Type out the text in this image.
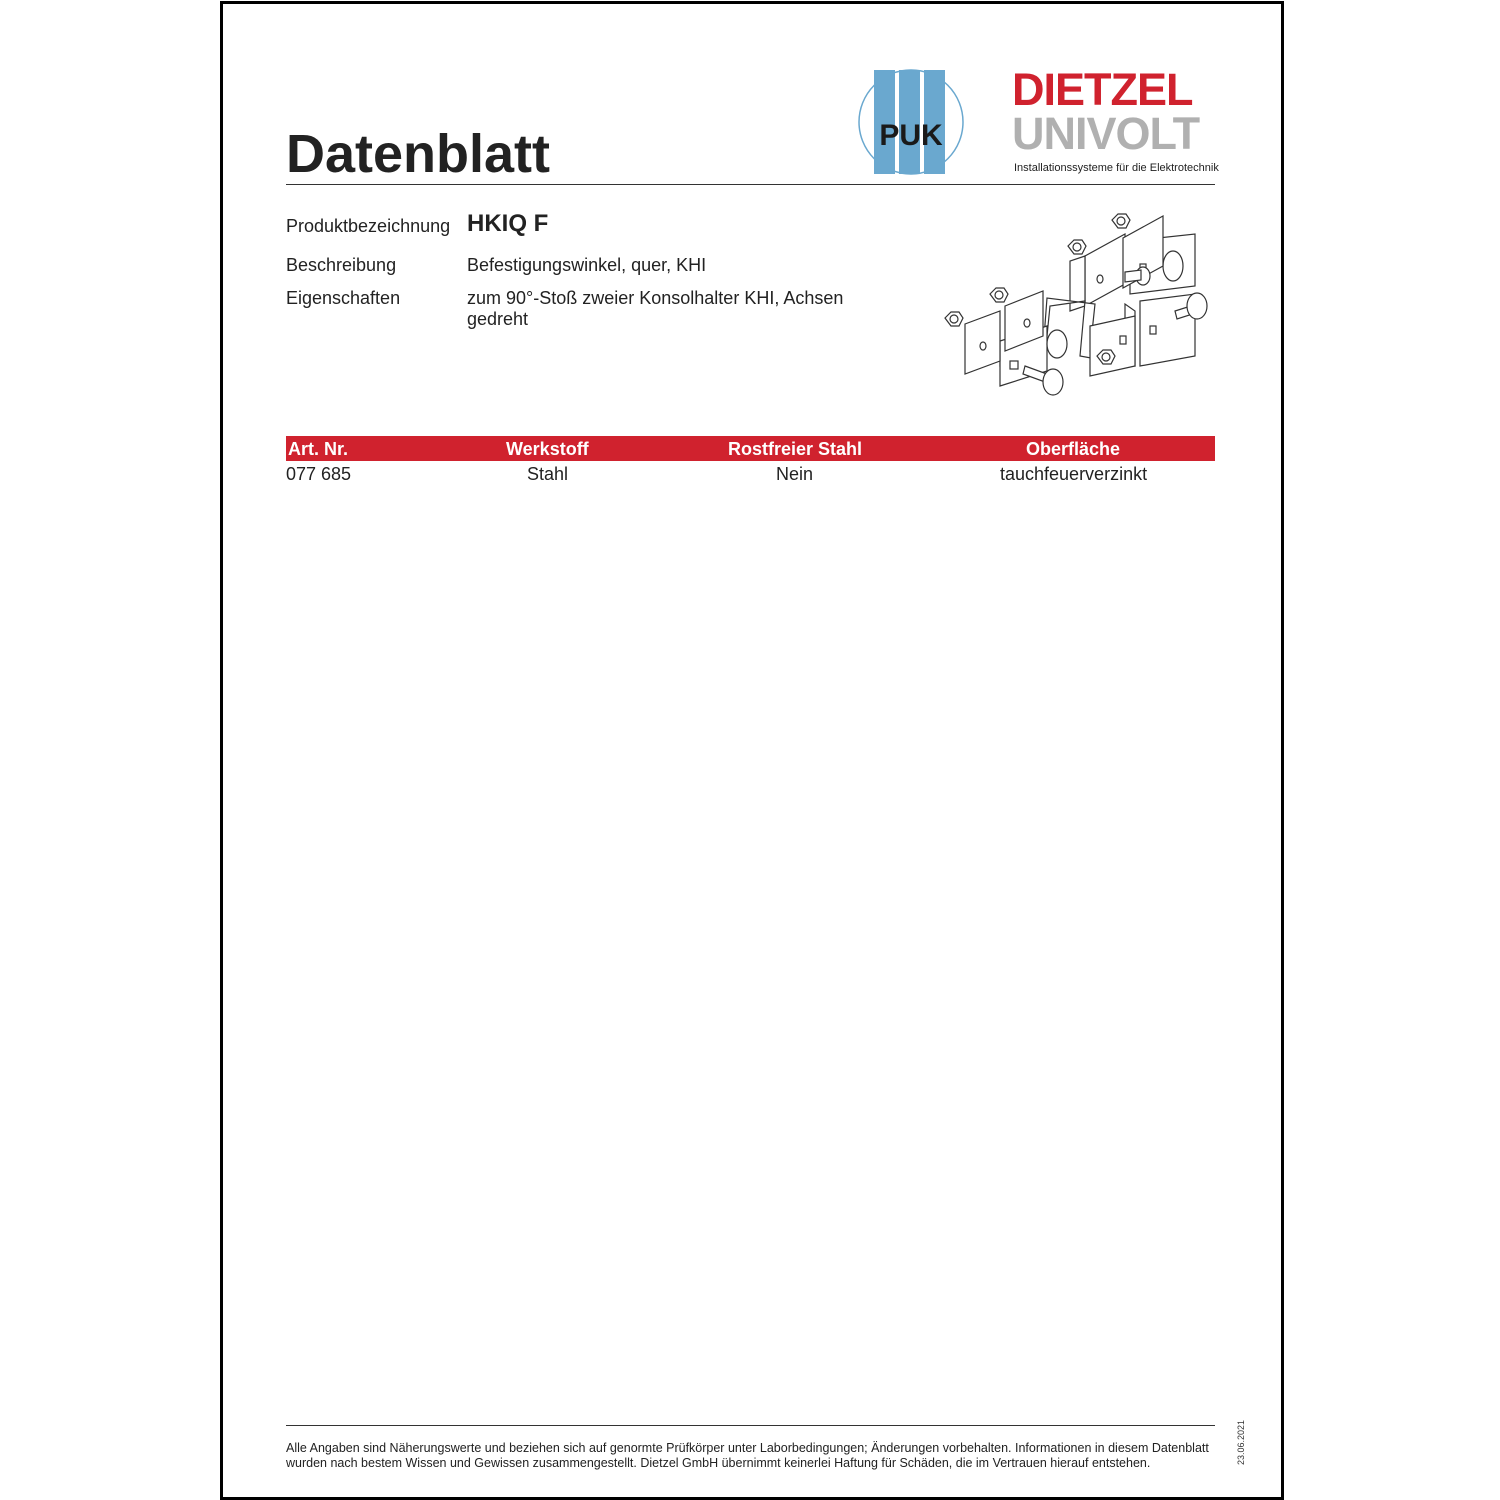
Datenblatt	PUK
DIETZEL
UNIVOLT
Installationssysteme für die Elektrotechnik
Produktbezeichnung HKIQ F
Beschreibung	Befestigungswinkel, quer, KHI
Eigenschaften	zum 90°-Stoß zweier Konsolhalter KHI, Achsen
gedreht
Art. Nr.	Werkstoff	Rostfreier Stahl	Oberfläche
077 685	Stahl	Nein	tauchfeuerverzinkt
Alle Angaben sind Näherungswerte und beziehen sich auf genormte Prüfkörper unter Laborbedingungen; Änderungen vorbehalten. Informationen in diesem Datenblatt
wurden nach bestem Wissen und Gewissen zusammengestellt. Dietzel GmbH übernimmt keinerlei Haftung für Schäden, die im Vertrauen hierauf entstehen.	23.06.2021
